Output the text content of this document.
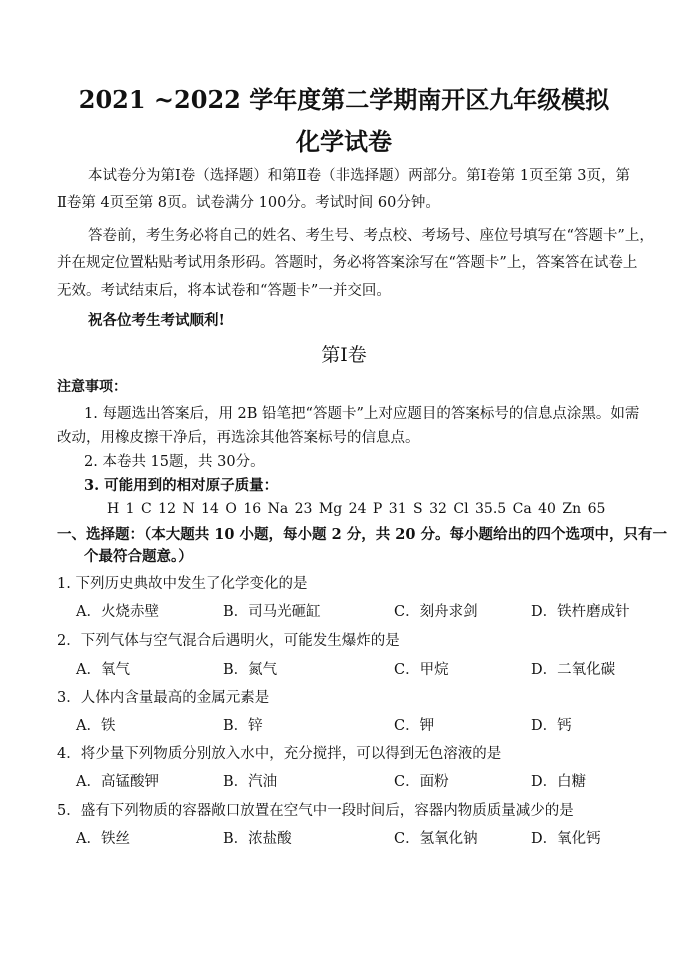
2021 ~2022 学年度第二学期南开区九年级模拟
化学试卷
本试卷分为第Ⅰ卷（选择题）和第Ⅱ卷（非选择题）两部分。第Ⅰ卷第 1页至第 3页，第
Ⅱ卷第 4页至第 8页。试卷满分 100分。考试时间 60分钟。
答卷前，考生务必将自己的姓名、考生号、考点校、考场号、座位号填写在“答题卡”上，
并在规定位置粘贴考试用条形码。答题时，务必将答案涂写在“答题卡”上，答案答在试卷上
无效。考试结束后，将本试卷和“答题卡”一并交回。
祝各位考生考试顺利!
第Ⅰ卷
注意事项：
1. 每题选出答案后，用 2B 铅笔把“答题卡”上对应题目的答案标号的信息点涂黑。如需
改动，用橡皮擦干净后，再选涂其他答案标号的信息点。
2. 本卷共 15题，共 30分。
3. 可能用到的相对原子质量：
H 1 C 12 N 14 O 16 Na 23 Mg 24 P 31 S 32 Cl 35.5 Ca 40 Zn 65
一、选择题：（本大题共 10 小题，每小题 2 分，共 20 分。每小题给出的四个选项中，只有一
个最符合题意。）
1. 下列历史典故中发生了化学变化的是
A．火烧赤壁	B．司马光砸缸	C．刻舟求剑	D．铁杵磨成针
2．下列气体与空气混合后遇明火，可能发生爆炸的是
A．氧气	B．氮气	C．甲烷	D．二氧化碳
3．人体内含量最高的金属元素是
A．铁	B．锌	C．钾	D．钙
4．将少量下列物质分别放入水中，充分搅拌，可以得到无色溶液的是
A．高锰酸钾	B．汽油	C．面粉	D．白糖
5．盛有下列物质的容器敞口放置在空气中一段时间后，容器内物质质量减少的是
A．铁丝	B．浓盐酸	C．氢氧化钠	D．氧化钙
